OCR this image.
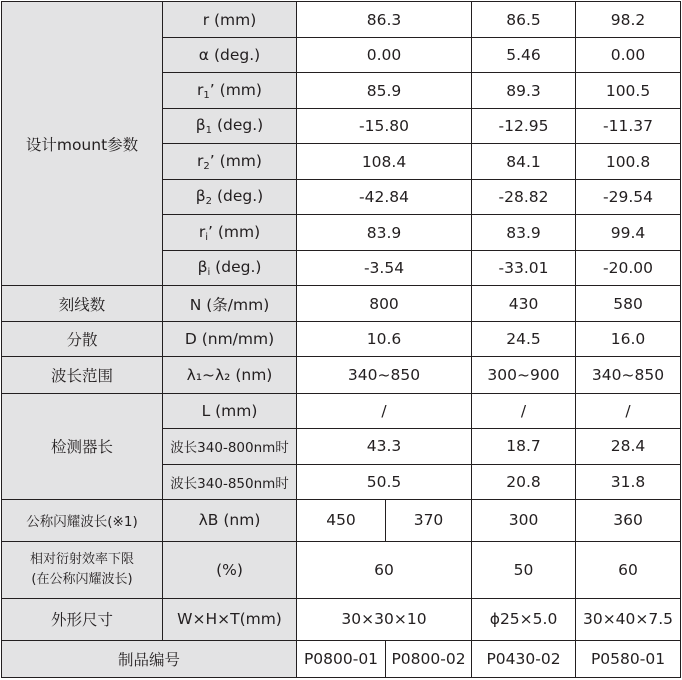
设计mount参数	r (mm)	86.3		86.5	98.2
	α (deg.)	0.00		5.46	0.00
	$r_1$’ (mm)	85.9		89.3	100.5
	$\beta_1$ (deg.)	-15.80		-12.95	-11.37
	$r_2$’ (mm)	108.4		84.1	100.8
	$\beta_2$ (deg.)	-42.84		-28.82	-29.54
	$r_i$’ (mm)	83.9		83.9	99.4
	$\beta_i$ (deg.)	-3.54		-33.01	-20.00
刻线数	N (条/mm)	800		430	580
分散	D (nm/mm)	10.6		24.5	16.0
波长范围	λ₁~λ₂ (nm)	340~850		300~900	340~850
检测器长	L (mm)	/		/	/
	波长340-800nm时	43.3		18.7	28.4
	波长340-850nm时	50.5		20.8	31.8
公称闪耀波长(※1)	λB (nm)	450	370	300	360

相对衍射效率下限
(在公称闪耀波长)	(%)	60		50	60
外形尺寸	W×H×T(mm)	30×30×10		ϕ25×5.0	30×40×7.5
制品编号		P0800-01	P0800-02	P0430-02	P0580-01
